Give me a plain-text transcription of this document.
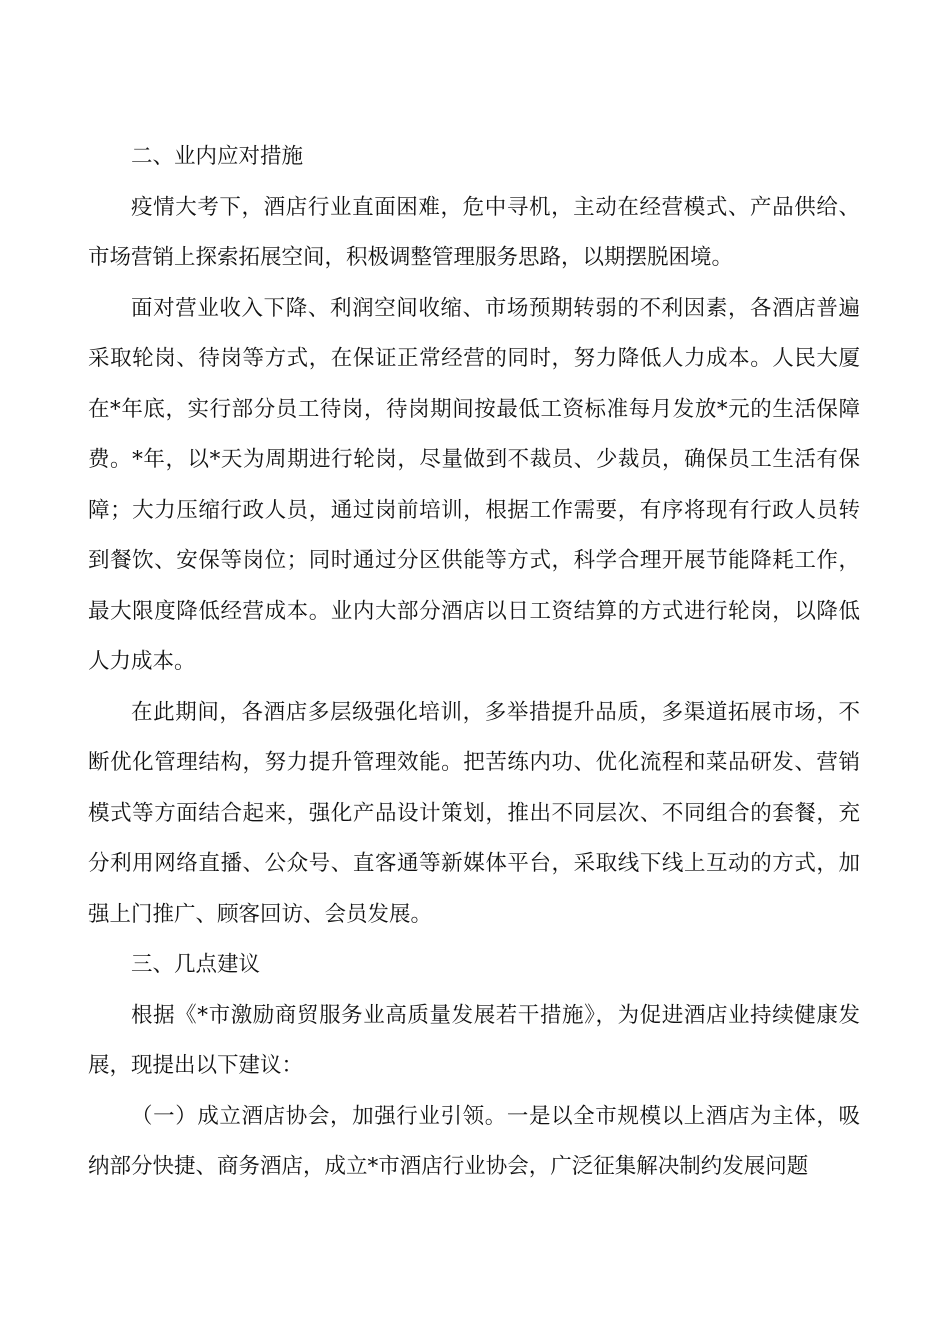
二、业内应对措施

疫情大考下，酒店行业直面困难，危中寻机，主动在经营模式、产品供给、市场营销上探索拓展空间，积极调整管理服务思路，以期摆脱困境。

面对营业收入下降、利润空间收缩、市场预期转弱的不利因素，各酒店普遍采取轮岗、待岗等方式，在保证正常经营的同时，努力降低人力成本。人民大厦在*年底，实行部分员工待岗，待岗期间按最低工资标准每月发放*元的生活保障费。*年，以*天为周期进行轮岗，尽量做到不裁员、少裁员，确保员工生活有保障；大力压缩行政人员，通过岗前培训，根据工作需要，有序将现有行政人员转到餐饮、安保等岗位；同时通过分区供能等方式，科学合理开展节能降耗工作，最大限度降低经营成本。业内大部分酒店以日工资结算的方式进行轮岗，以降低人力成本。

在此期间，各酒店多层级强化培训，多举措提升品质，多渠道拓展市场，不断优化管理结构，努力提升管理效能。把苦练内功、优化流程和菜品研发、营销模式等方面结合起来，强化产品设计策划，推出不同层次、不同组合的套餐，充分利用网络直播、公众号、直客通等新媒体平台，采取线下线上互动的方式，加强上门推广、顾客回访、会员发展。

三、几点建议

根据《*市激励商贸服务业高质量发展若干措施》，为促进酒店业持续健康发展，现提出以下建议：

（一）成立酒店协会，加强行业引领。一是以全市规模以上酒店为主体，吸纳部分快捷、商务酒店，成立*市酒店行业协会，广泛征集解决制约发展问题
